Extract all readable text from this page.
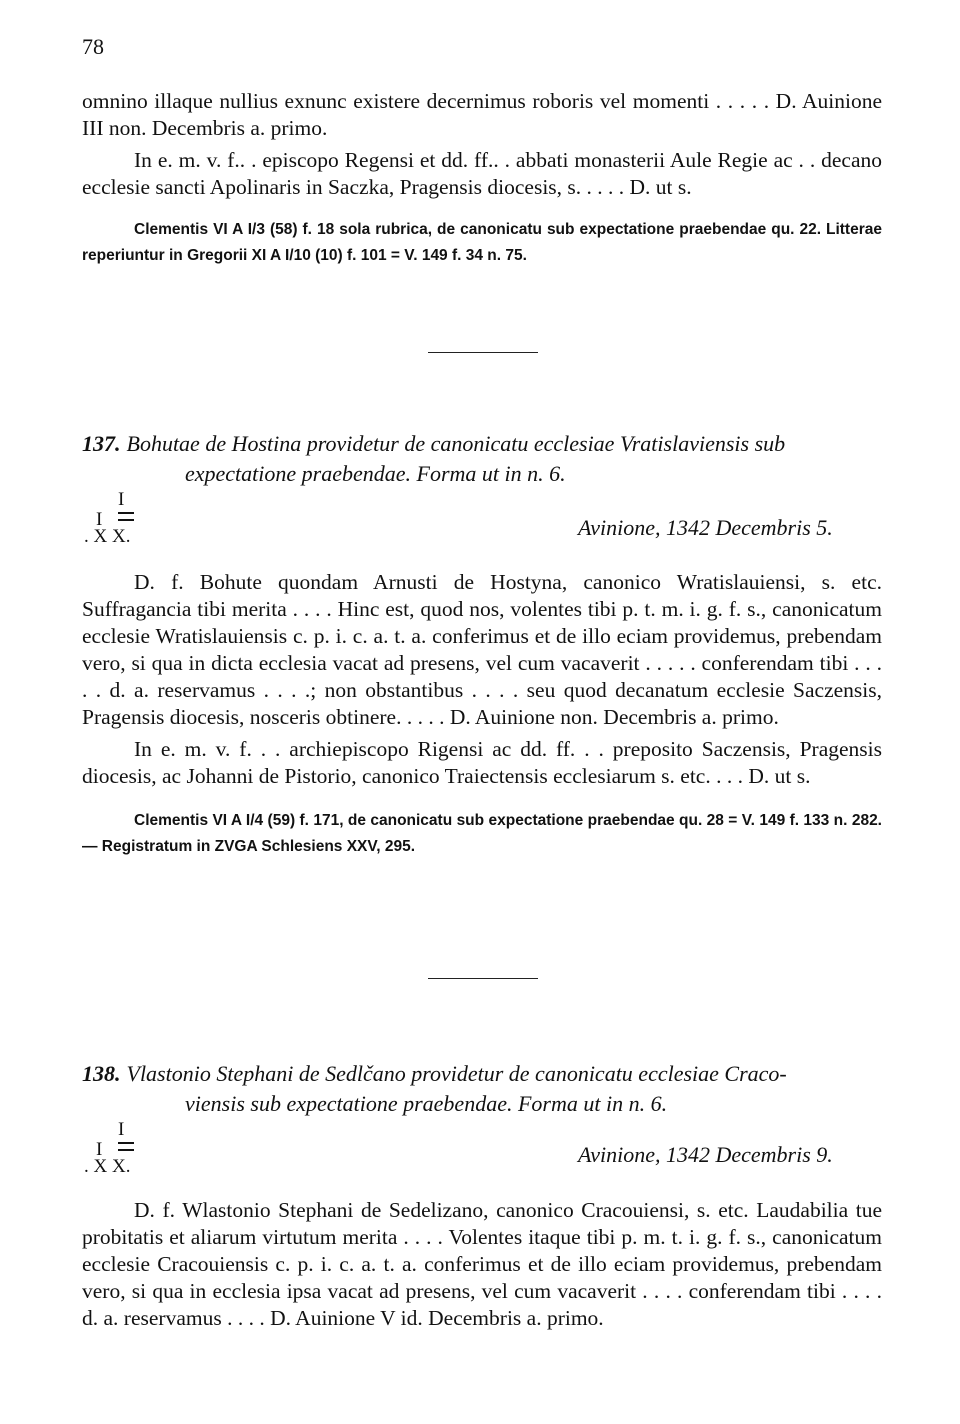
78

omnino illaque nullius exnunc existere decernimus roboris vel momenti . . . . . D. Auinione III non. Decembris a. primo.

In e. m. v. f.. . episcopo Regensi et dd. ff.. . abbati monasterii Aule Regie ac . . decano ecclesie sancti Apolinaris in Saczka, Pragensis diocesis, s. . . . . D. ut s.

Clementis VI A I/3 (58) f. 18 sola rubrica, de canonicatu sub expectatione praebendae qu. 22. Litterae reperiuntur in Gregorii XI A I/10 (10) f. 101 = V. 149 f. 34 n. 75.

137. Bohutae de Hostina providetur de canonicatu ecclesiae Vratislaviensis sub
expectatione praebendae. Forma ut in n. 6.
I
I
. X X.	Avinione, 1342 Decembris 5.

D. f. Bohute quondam Arnusti de Hostyna, canonico Wratislauiensi, s. etc. Suffragancia tibi merita . . . . Hinc est, quod nos, volentes tibi p. t. m. i. g. f. s., canonicatum ecclesie Wratislauiensis c. p. i. c. a. t. a. conferimus et de illo eciam providemus, prebendam vero, si qua in dicta ecclesia vacat ad presens, vel cum vacaverit . . . . . conferendam tibi . . . . . d. a. reservamus . . . .; non obstantibus . . . . seu quod decanatum ecclesie Saczensis, Pragensis diocesis, nosceris obtinere. . . . . D. Auinione non. Decembris a. primo.

In e. m. v. f. . . archiepiscopo Rigensi ac dd. ff. . . preposito Saczensis, Pragensis diocesis, ac Johanni de Pistorio, canonico Traiectensis ecclesiarum s. etc. . . . D. ut s.

Clementis VI A I/4 (59) f. 171, de canonicatu sub expectatione praebendae qu. 28 = V. 149 f. 133 n. 282. — Registratum in ZVGA Schlesiens XXV, 295.

138. Vlastonio Stephani de Sedlčano providetur de canonicatu ecclesiae Craco-
viensis sub expectatione praebendae. Forma ut in n. 6.
I
I
. X X.	Avinione, 1342 Decembris 9.

D. f. Wlastonio Stephani de Sedelizano, canonico Cracouiensi, s. etc. Laudabilia tue probitatis et aliarum virtutum merita . . . . Volentes itaque tibi p. m. t. i. g. f. s., canonicatum ecclesie Cracouiensis c. p. i. c. a. t. a. conferimus et de illo eciam providemus, prebendam vero, si qua in ecclesia ipsa vacat ad presens, vel cum vacaverit . . . . conferendam tibi . . . . d. a. reservamus . . . . D. Auinione V id. Decembris a. primo.
